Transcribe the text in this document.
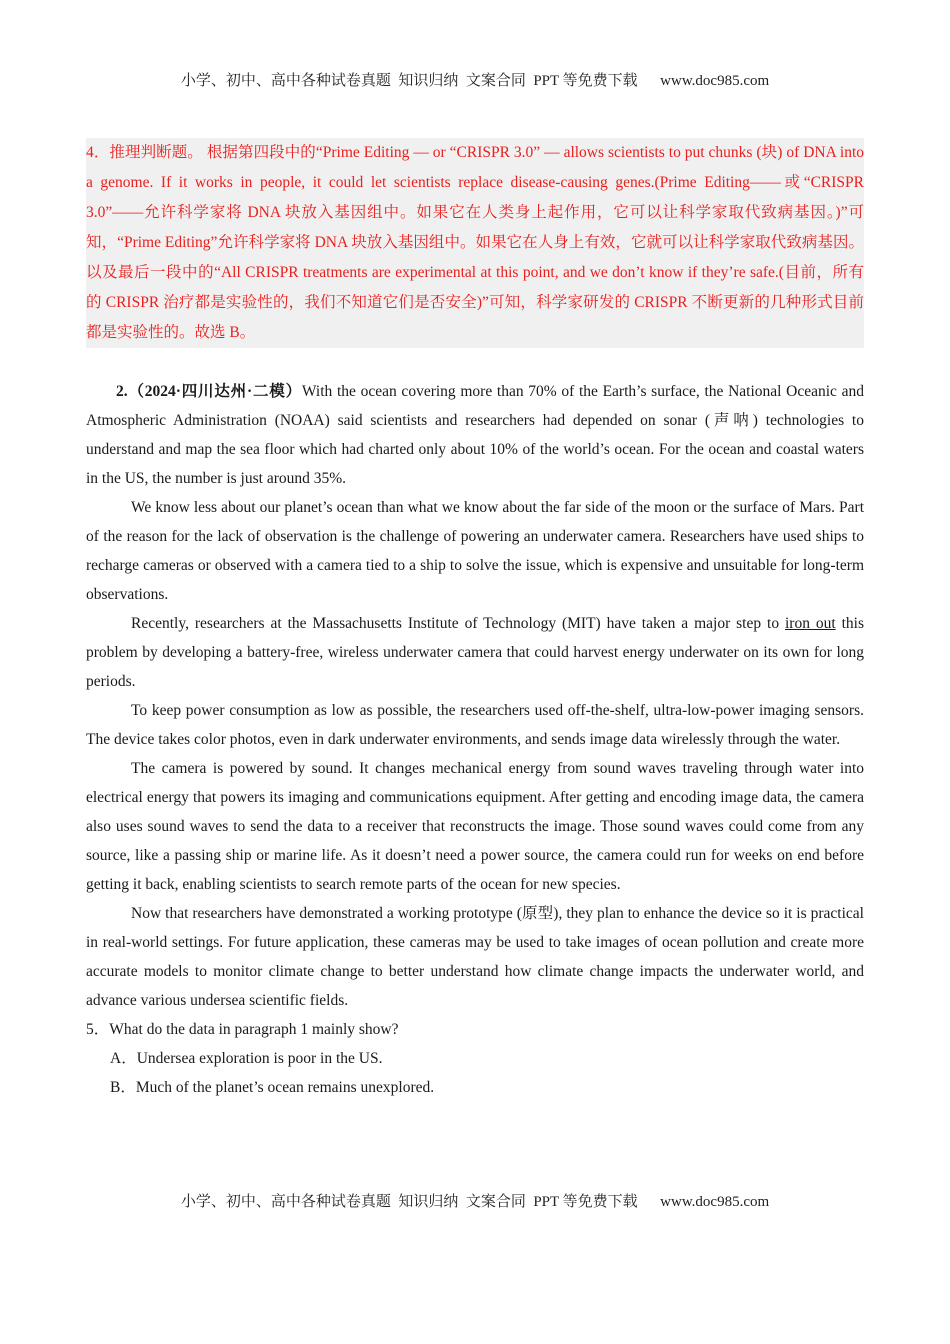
小学、初中、高中各种试卷真题  知识归纳  文案合同  PPT 等免费下载      www.doc985.com

4．推理判断题。 根据第四段中的“Prime Editing — or “CRISPR 3.0” — allows scientists to put chunks (块) of DNA into a genome. If it works in people, it could let scientists replace disease-causing genes.(Prime Editing——或“CRISPR 3.0”——允许科学家将 DNA 块放入基因组中。如果它在人类身上起作用，它可以让科学家取代致病基因。)”可知，“Prime Editing”允许科学家将 DNA 块放入基因组中。如果它在人身上有效，它就可以让科学家取代致病基因。以及最后一段中的“All CRISPR treatments are experimental at this point, and we don’t know if they’re safe.(目前，所有的 CRISPR 治疗都是实验性的，我们不知道它们是否安全)”可知，科学家研发的 CRISPR 不断更新的几种形式目前都是实验性的。故选 B。

2.（2024·四川达州·二模）With the ocean covering more than 70% of the Earth’s surface, the National Oceanic and Atmospheric Administration (NOAA) said scientists and researchers had depended on sonar (声呐) technologies to understand and map the sea floor which had charted only about 10% of the world’s ocean. For the ocean and coastal waters in the US, the number is just around 35%.

We know less about our planet’s ocean than what we know about the far side of the moon or the surface of Mars. Part of the reason for the lack of observation is the challenge of powering an underwater camera. Researchers have used ships to recharge cameras or observed with a camera tied to a ship to solve the issue, which is expensive and unsuitable for long-term observations.

Recently, researchers at the Massachusetts Institute of Technology (MIT) have taken a major step to iron out this problem by developing a battery-free, wireless underwater camera that could harvest energy underwater on its own for long periods.

To keep power consumption as low as possible, the researchers used off-the-shelf, ultra-low-power imaging sensors. The device takes color photos, even in dark underwater environments, and sends image data wirelessly through the water.

The camera is powered by sound. It changes mechanical energy from sound waves traveling through water into electrical energy that powers its imaging and communications equipment. After getting and encoding image data, the camera also uses sound waves to send the data to a receiver that reconstructs the image. Those sound waves could come from any source, like a passing ship or marine life. As it doesn’t need a power source, the camera could run for weeks on end before getting it back, enabling scientists to search remote parts of the ocean for new species.

Now that researchers have demonstrated a working prototype (原型), they plan to enhance the device so it is practical in real-world settings. For future application, these cameras may be used to take images of ocean pollution and create more accurate models to monitor climate change to better understand how climate change impacts the underwater world, and advance various undersea scientific fields.

5．What do the data in paragraph 1 mainly show?

A．Undersea exploration is poor in the US.

B．Much of the planet’s ocean remains unexplored.

小学、初中、高中各种试卷真题  知识归纳  文案合同  PPT 等免费下载      www.doc985.com
